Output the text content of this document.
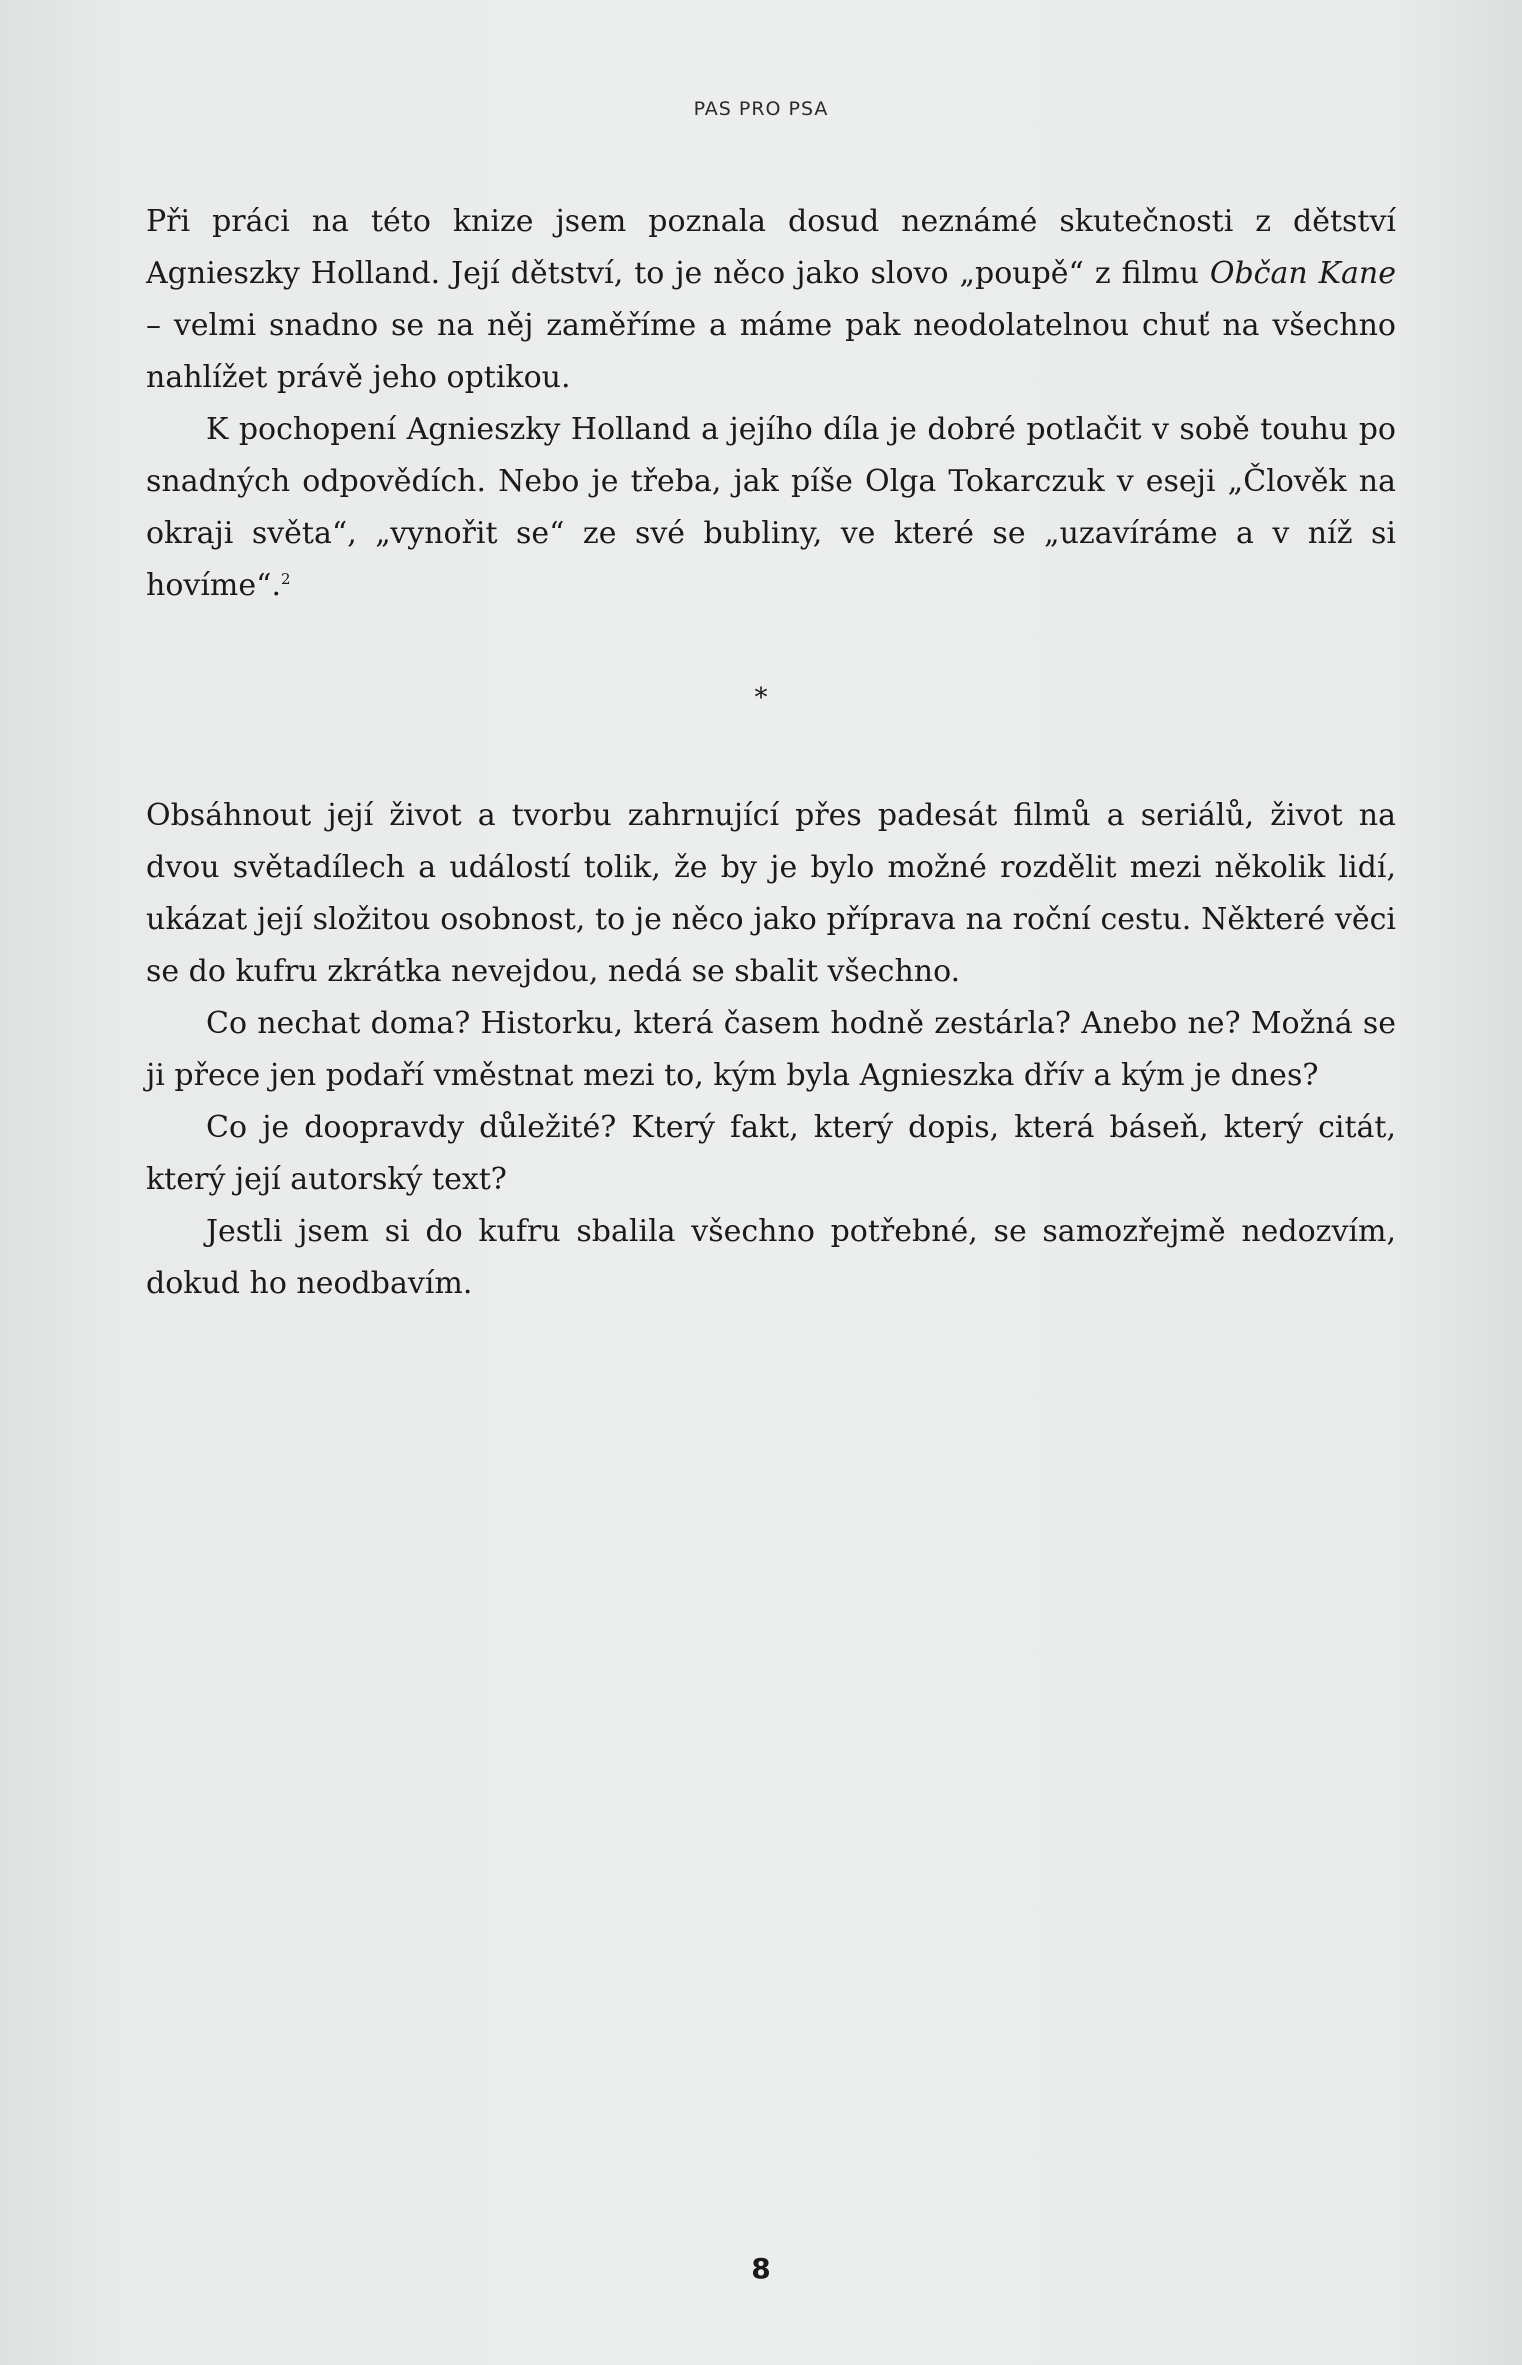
PAS PRO PSA

Při práci na této knize jsem poznala dosud neznámé skutečnosti z dětství Agnieszky Holland. Její dětství, to je něco jako slovo „poupě“ z filmu Občan Kane – velmi snadno se na něj zaměříme a máme pak neodolatelnou chuť na všechno nahlížet právě jeho optikou.

K pochopení Agnieszky Holland a jejího díla je dobré potlačit v sobě touhu po snadných odpovědích. Nebo je třeba, jak píše Olga Tokarczuk v eseji „Člověk na okraji světa“, „vynořit se“ ze své bubliny, ve které se „uzavíráme a v níž si hovíme“.$^2$

*

Obsáhnout její život a tvorbu zahrnující přes padesát filmů a seriálů, život na dvou světadílech a událostí tolik, že by je bylo možné rozdělit mezi několik lidí, ukázat její složitou osobnost, to je něco jako příprava na roční cestu. Některé věci se do kufru zkrátka nevejdou, nedá se sbalit všechno.

Co nechat doma? Historku, která časem hodně zestárla? Anebo ne? Možná se ji přece jen podaří vměstnat mezi to, kým byla Agnieszka dřív a kým je dnes?

Co je doopravdy důležité? Který fakt, který dopis, která báseň, který citát, který její autorský text?

Jestli jsem si do kufru sbalila všechno potřebné, se samozřejmě nedozvím, dokud ho neodbavím.

8
